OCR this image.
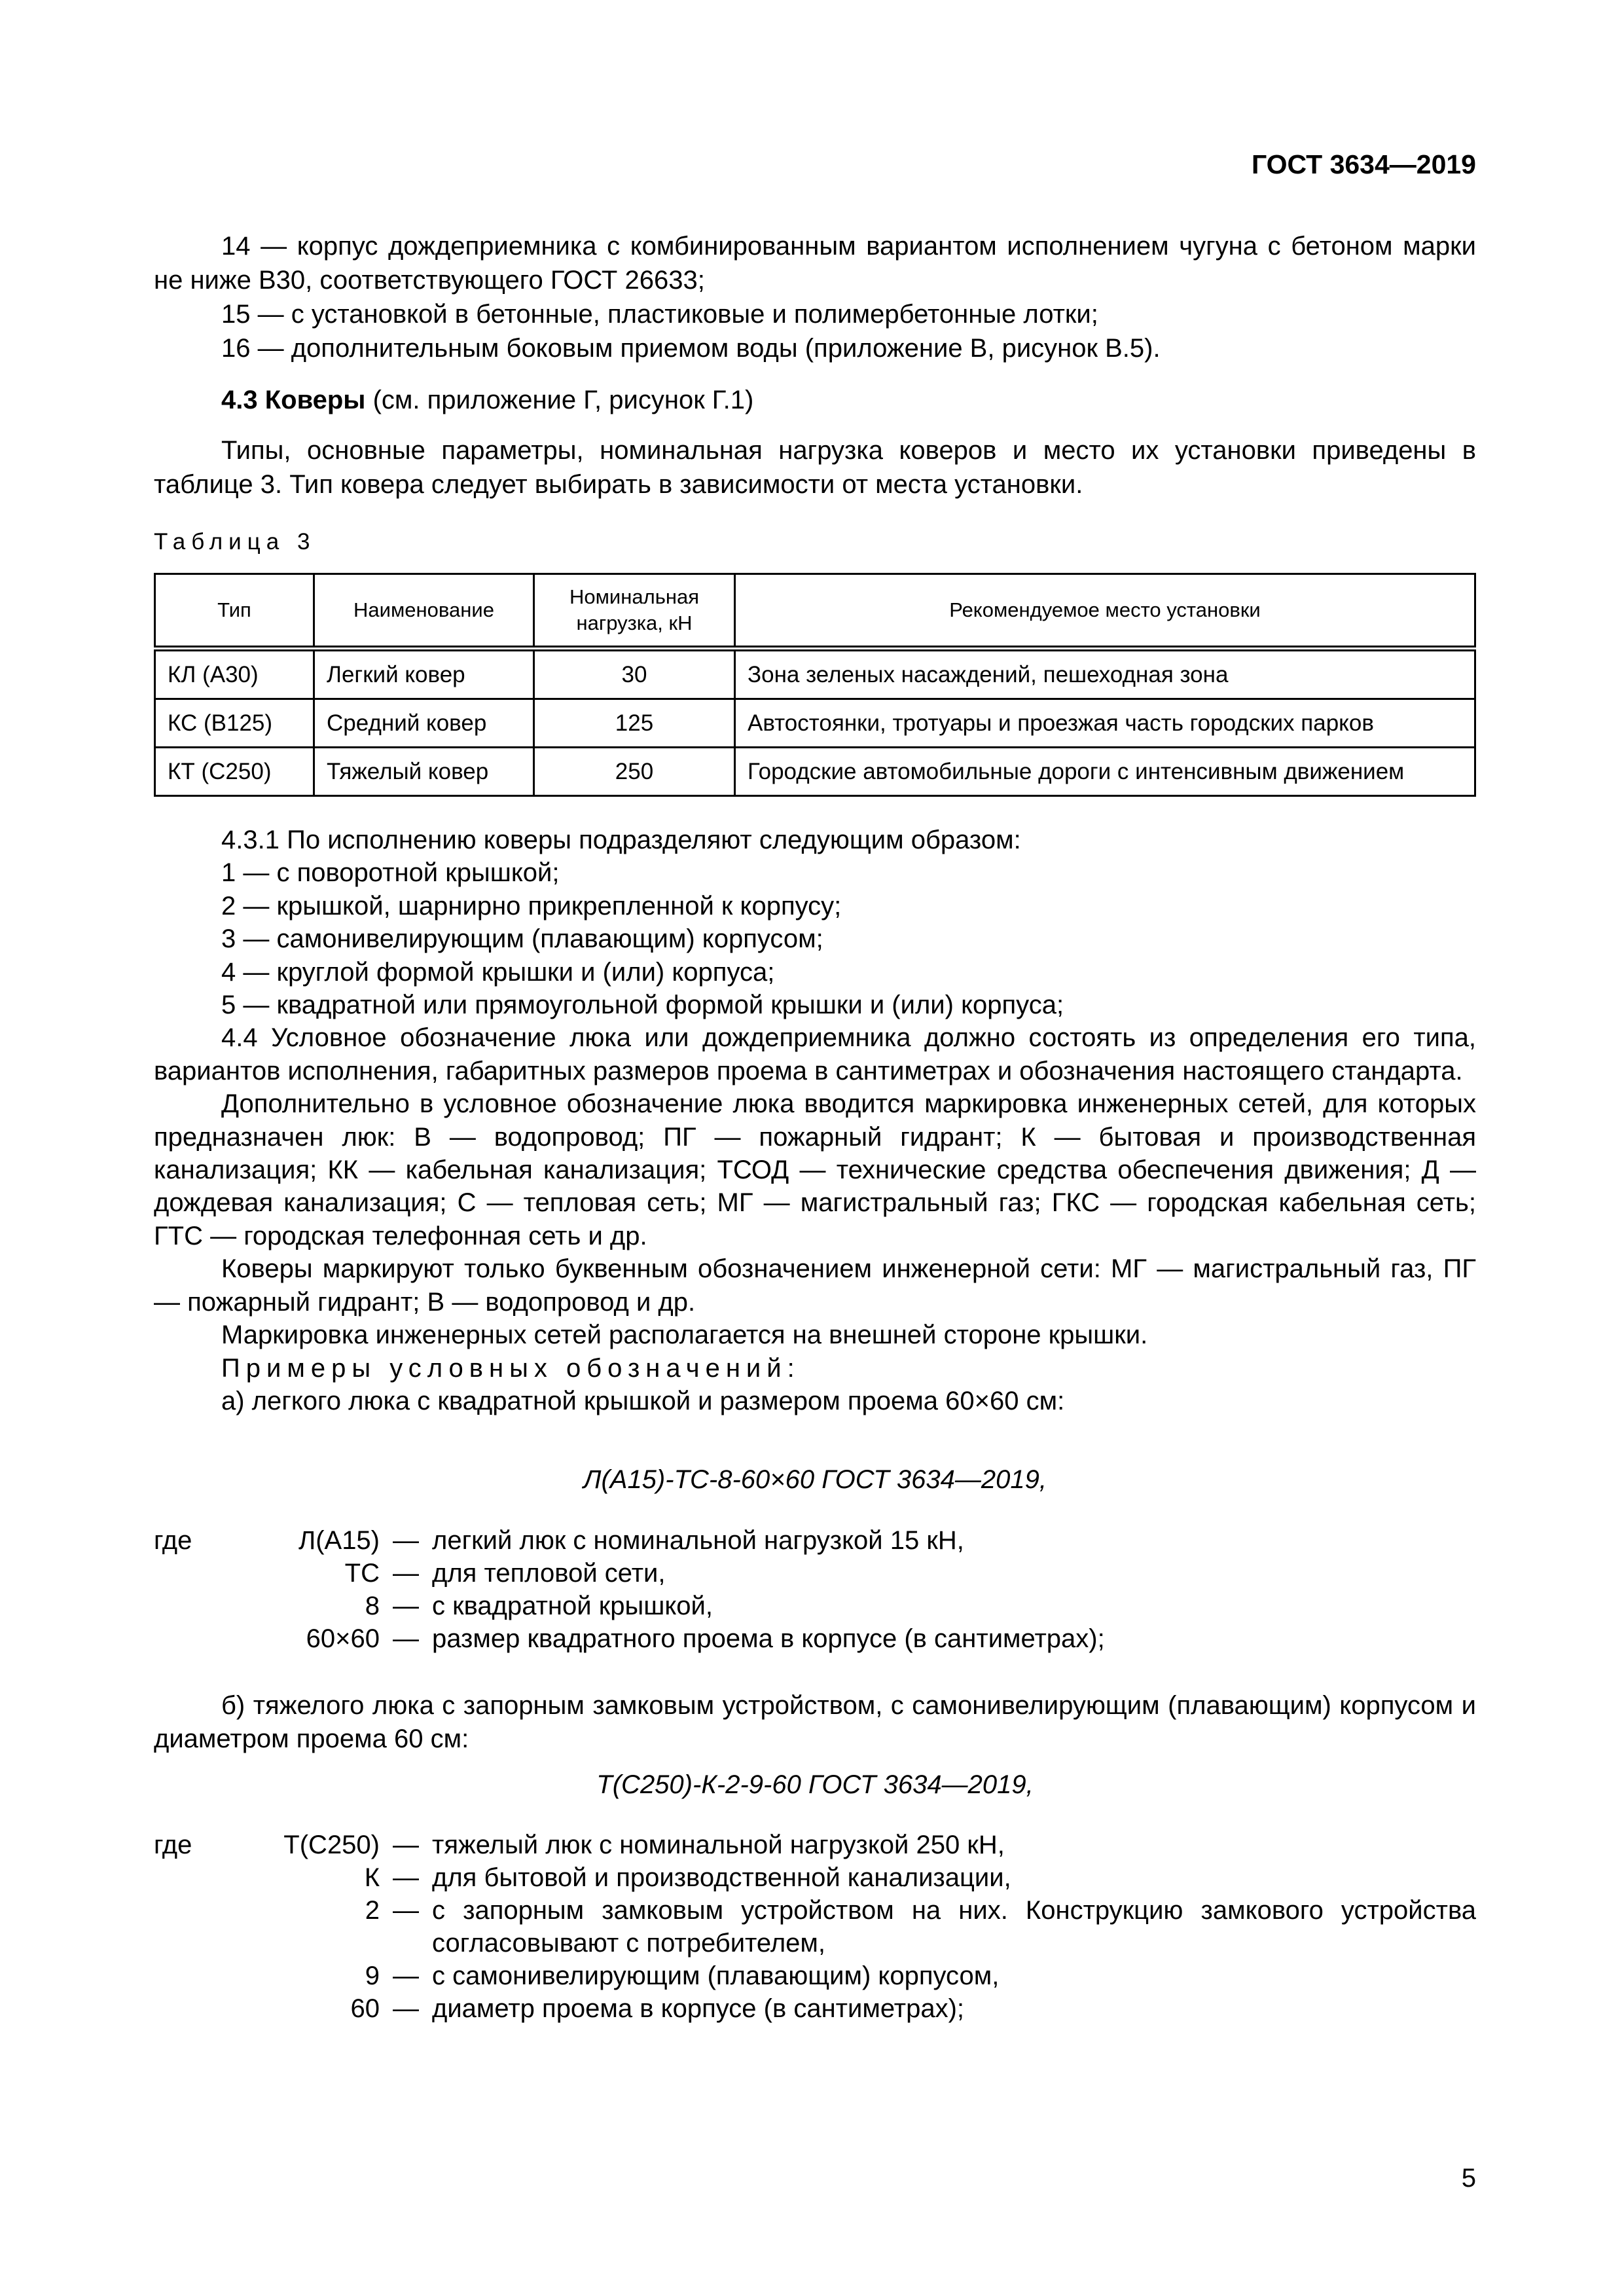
ГОСТ 3634—2019

14 — корпус дождеприемника с комбинированным вариантом исполнением чугуна с бетоном марки не ниже В30, соответствующего ГОСТ 26633;

15 — с установкой в бетонные, пластиковые и полимербетонные лотки;

16 — дополнительным боковым приемом воды (приложение В, рисунок В.5).

4.3 Коверы (см. приложение Г, рисунок Г.1)

Типы, основные параметры, номинальная нагрузка коверов и место их установки приведены в таблице 3. Тип ковера следует выбирать в зависимости от места установки.

Таблица 3
Тип	Наименование	Номинальная нагрузка, кН	Рекомендуемое место установки
КЛ (А30)	Легкий ковер	30	Зона зеленых насаждений, пешеходная зона
КС (В125)	Средний ковер	125	Автостоянки, тротуары и проезжая часть городских парков
КТ (С250)	Тяжелый ковер	250	Городские автомобильные дороги с интенсивным движением

4.3.1 По исполнению коверы подразделяют следующим образом:

1 — с поворотной крышкой;

2 — крышкой, шарнирно прикрепленной к корпусу;

3 — самонивелирующим (плавающим) корпусом;

4 — круглой формой крышки и (или) корпуса;

5 — квадратной или прямоугольной формой крышки и (или) корпуса;

4.4 Условное обозначение люка или дождеприемника должно состоять из определения его типа, вариантов исполнения, габаритных размеров проема в сантиметрах и обозначения настоящего стандарта.

Дополнительно в условное обозначение люка вводится маркировка инженерных сетей, для которых предназначен люк: В — водопровод; ПГ — пожарный гидрант; К — бытовая и производственная канализация; КК — кабельная канализация; ТСОД — технические средства обеспечения движения; Д — дождевая канализация; С — тепловая сеть; МГ — магистральный газ; ГКС — городская кабельная сеть; ГТС — городская телефонная сеть и др.

Коверы маркируют только буквенным обозначением инженерной сети: МГ — магистральный газ, ПГ — пожарный гидрант; В — водопровод и др.

Маркировка инженерных сетей располагается на внешней стороне крышки.

Примеры условных обозначений:

а) легкого люка с квадратной крышкой и размером проема 60×60 см:

Л(А15)-ТС-8-60×60 ГОСТ 3634—2019,
где	Л(А15) — легкий люк с номинальной нагрузкой 15 кН,
ТС — для тепловой сети,
8 — с квадратной крышкой,
60×60 — размер квадратного проема в корпусе (в сантиметрах);

б) тяжелого люка с запорным замковым устройством, с самонивелирующим (плавающим) корпусом и диаметром проема 60 см:

Т(С250)-К-2-9-60 ГОСТ 3634—2019,
где	Т(С250) — тяжелый люк с номинальной нагрузкой 250 кН,
К — для бытовой и производственной канализации,
2 — с запорным замковым устройством на них. Конструкцию замкового устройства согласовывают с потребителем,
9 — с самонивелирующим (плавающим) корпусом,
60 — диаметр проема в корпусе (в сантиметрах);
5
